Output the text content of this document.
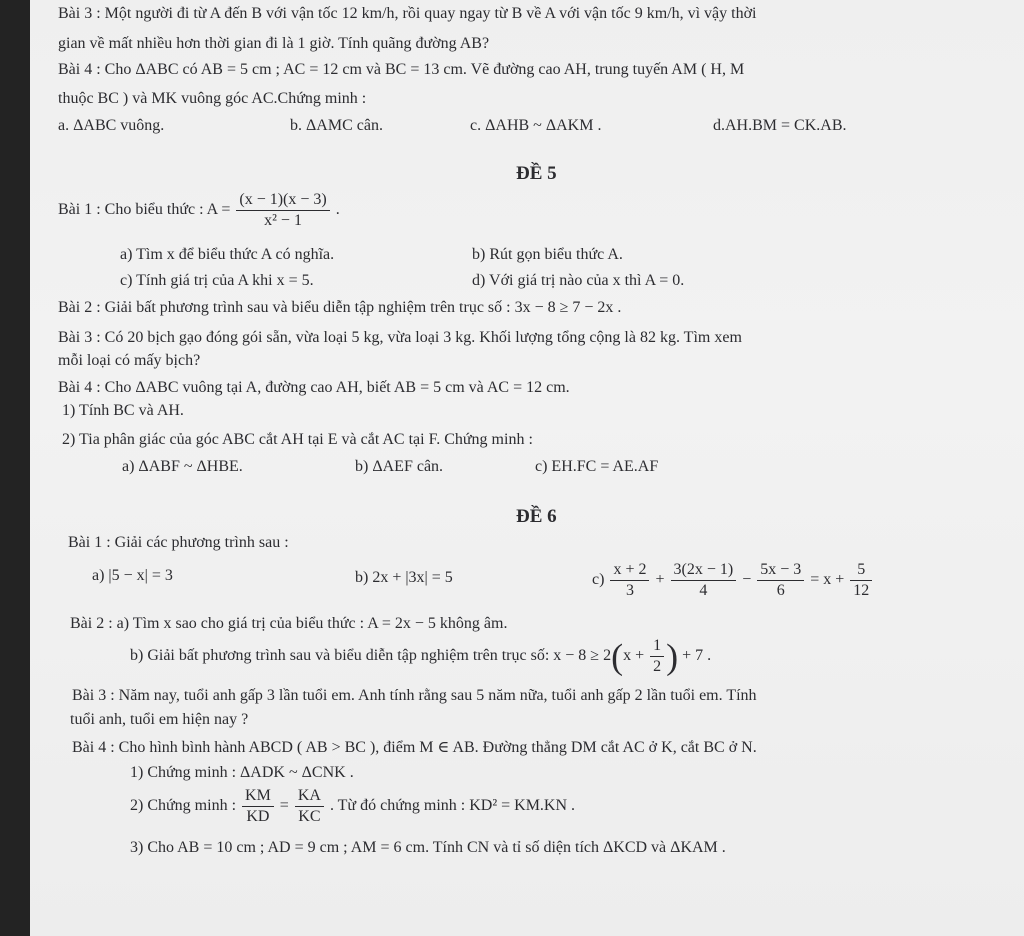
Bài 3 : Một người đi từ A đến B với vận tốc 12 km/h, rồi quay ngay từ B về A với vận tốc 9 km/h, vì vậy thời
gian về mất nhiều hơn thời gian đi là 1 giờ. Tính quãng đường AB?
Bài 4 : Cho ΔABC có AB = 5 cm ; AC = 12 cm và BC = 13 cm. Vẽ đường cao AH, trung tuyến AM ( H, M
thuộc BC ) và MK vuông góc AC.Chứng minh :
a. ΔABC vuông.	b. ΔAMC cân.	c. ΔAHB ~ ΔAKM .	d.AH.BM = CK.AB.
ĐỀ 5
Bài 1 : Cho biểu thức : $A = \frac{(x - 1)(x - 3)}{\text{x² − 1}}$ .
a) Tìm x để biểu thức A có nghĩa.	b) Rút gọn biểu thức A.
c) Tính giá trị của A khi x = 5.	d) Với giá trị nào của x thì A = 0.
Bài 2 : Giải bất phương trình sau và biểu diễn tập nghiệm trên trục số : 3x − 8 ≥ 7 − 2x .
Bài 3 : Có 20 bịch gạo đóng gói sẵn, vừa loại 5 kg, vừa loại 3 kg. Khối lượng tổng cộng là 82 kg. Tìm xem
mỗi loại có mấy bịch?
Bài 4 : Cho ΔABC vuông tại A, đường cao AH, biết AB = 5 cm và AC = 12 cm.
1) Tính BC và AH.
2) Tia phân giác của góc ABC cắt AH tại E và cắt AC tại F. Chứng minh :
a) ΔABF ~ ΔHBE.	b) ΔAEF cân.	c) EH.FC = AE.AF
ĐỀ 6
Bài 1 : Giải các phương trình sau :
a) |5 − x| = 3	b) 2x + |3x| = 5	$c) \frac{x + 2}{3} + \frac{3(2x - 1)}{4} - \frac{5x - 3}{6} = x + \frac{5}{12}$
Bài 2 : a) Tìm x sao cho giá trị của biểu thức : A = 2x − 5 không âm.
b) Giải bất phương trình sau và biểu diễn tập nghiệm trên trục số: $x - 8 \ge 2(x + \frac{1}{2}$ ) + 7 .
Bài 3 : Năm nay, tuổi anh gấp 3 lần tuổi em. Anh tính rằng sau 5 năm nữa, tuổi anh gấp 2 lần tuổi em. Tính
tuổi anh, tuổi em hiện nay ?
Bài 4 : Cho hình bình hành ABCD ( AB > BC ), điểm M ∈ AB. Đường thẳng DM cắt AC ở K, cắt BC ở N.
1) Chứng minh : ΔADK ~ ΔCNK .
2) Chứng minh : $\frac{KM}{KD} = \frac{KA}{KC}$ . Từ đó chứng minh : KD² = KM.KN .
3) Cho AB = 10 cm ; AD = 9 cm ; AM = 6 cm. Tính CN và tỉ số diện tích ΔKCD và ΔKAM .
